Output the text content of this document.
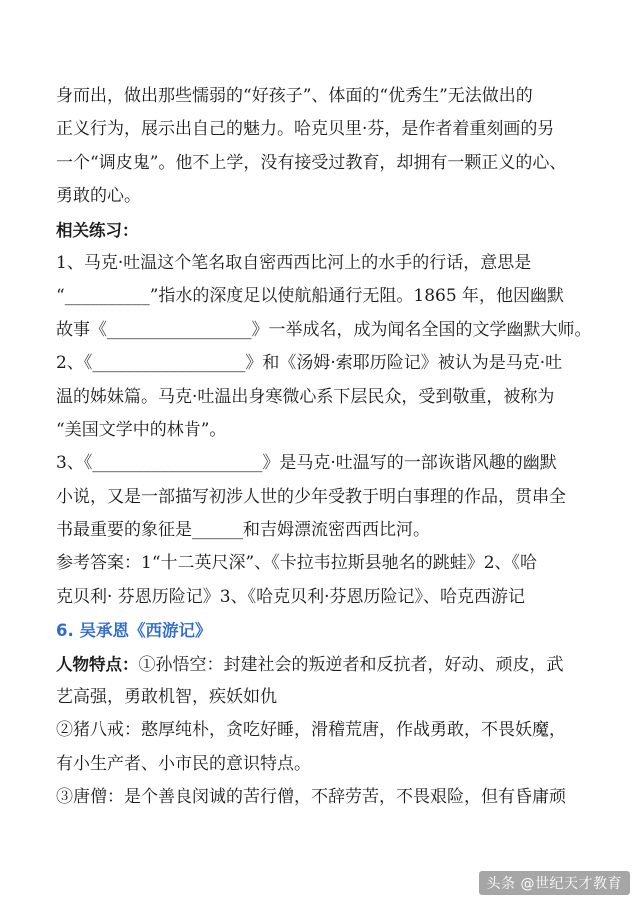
身而出，做出那些懦弱的“好孩子”、体面的“优秀生”无法做出的
正义行为，展示出自己的魅力。哈克贝里·芬，是作者着重刻画的另
一个“调皮鬼”。他不上学，没有接受过教育，却拥有一颗正义的心、
勇敢的心。
相关练习：
1、马克·吐温这个笔名取自密西西比河上的水手的行话，意思是
“__________”指水的深度足以使航船通行无阻。1865 年，他因幽默
故事《_________________》一举成名，成为闻名全国的文学幽默大师。
2、《__________________》和《汤姆·索耶历险记》被认为是马克·吐
温的姊妹篇。马克·吐温出身寒微心系下层民众，受到敬重，被称为
“美国文学中的林肯”。
3、《____________________》是马克·吐温写的一部诙谐风趣的幽默
小说，又是一部描写初涉人世的少年受教于明白事理的作品，贯串全
书最重要的象征是______和吉姆漂流密西西比河。
参考答案：1“十二英尺深”、《卡拉韦拉斯县驰名的跳蛙》2、《哈
克贝利· 芬恩历险记》3、《哈克贝利·芬恩历险记》、哈克西游记
6. 吴承恩《西游记》
人物特点：①孙悟空：封建社会的叛逆者和反抗者，好动、顽皮，武
艺高强，勇敢机智，疾妖如仇
②猪八戒：憨厚纯朴，贪吃好睡，滑稽荒唐，作战勇敢，不畏妖魔，
有小生产者、小市民的意识特点。
③唐僧：是个善良闵诚的苦行僧，不辞劳苦，不畏艰险，但有昏庸顽
头条 @世纪天才教育
